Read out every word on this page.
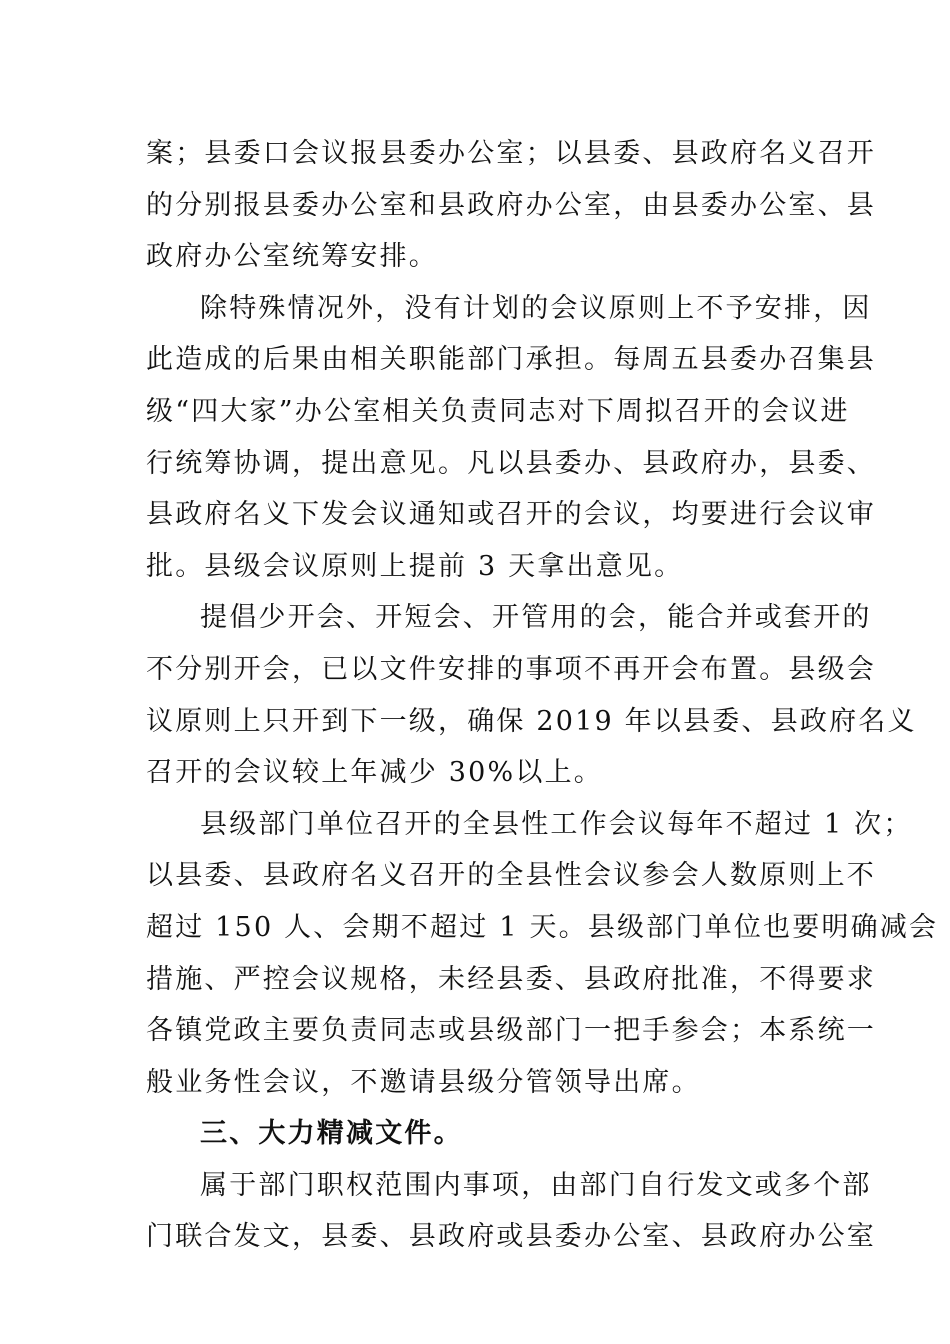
案；县委口会议报县委办公室；以县委、县政府名义召开
的分别报县委办公室和县政府办公室，由县委办公室、县
政府办公室统筹安排。
除特殊情况外，没有计划的会议原则上不予安排，因
此造成的后果由相关职能部门承担。每周五县委办召集县
级“四大家”办公室相关负责同志对下周拟召开的会议进
行统筹协调，提出意见。凡以县委办、县政府办，县委、
县政府名义下发会议通知或召开的会议，均要进行会议审
批。县级会议原则上提前 3 天拿出意见。
提倡少开会、开短会、开管用的会，能合并或套开的
不分别开会，已以文件安排的事项不再开会布置。县级会
议原则上只开到下一级，确保 2019 年以县委、县政府名义
召开的会议较上年减少 30%以上。
县级部门单位召开的全县性工作会议每年不超过 1 次；
以县委、县政府名义召开的全县性会议参会人数原则上不
超过 150 人、会期不超过 1 天。县级部门单位也要明确减会
措施、严控会议规格，未经县委、县政府批准，不得要求
各镇党政主要负责同志或县级部门一把手参会；本系统一
般业务性会议，不邀请县级分管领导出席。
三、大力精减文件。
属于部门职权范围内事项，由部门自行发文或多个部
门联合发文，县委、县政府或县委办公室、县政府办公室
